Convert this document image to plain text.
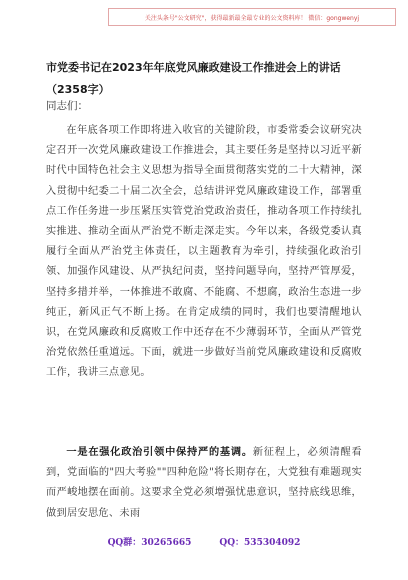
关注头条号"公文研究"，获得最新最全最专业的公文资料库！ 微信：gongwenyj
市党委书记在2023年年底党风廉政建设工作推进会上的讲话（2358字）
同志们：

在年底各项工作即将进入收官的关键阶段，市委常委会议研究决定召开一次党风廉政建设工作推进会，其主要任务是坚持以习近平新时代中国特色社会主义思想为指导全面贯彻落实党的二十大精神，深入贯彻中纪委二十届二次全会，总结讲评党风廉政建设工作，部署重点工作任务进一步压紧压实管党治党政治责任，推动各项工作持续扎实推进、推动全面从严治党不断走深走实。今年以来，各级党委认真履行全面从严治党主体责任，以主题教育为牵引，持续强化政治引领、加强作风建设、从严执纪问责，坚持问题导向，坚持严管厚爱，坚持多措并举，一体推进不敢腐、不能腐、不想腐，政治生态进一步纯正，新风正气不断上扬。在肯定成绩的同时，我们也要清醒地认识，在党风廉政和反腐败工作中还存在不少薄弱环节，全面从严管党治党依然任重道远。下面，就进一步做好当前党风廉政建设和反腐败工作，我讲三点意见。

一是在强化政治引领中保持严的基调。新征程上，必须清醒看到，党面临的"四大考验""四种危险"将长期存在，大党独有难题现实而严峻地摆在面前。这要求全党必须增强忧患意识，坚持底线思维，做到居安思危、未雨

QQ群：30265665	QQ：535304092
